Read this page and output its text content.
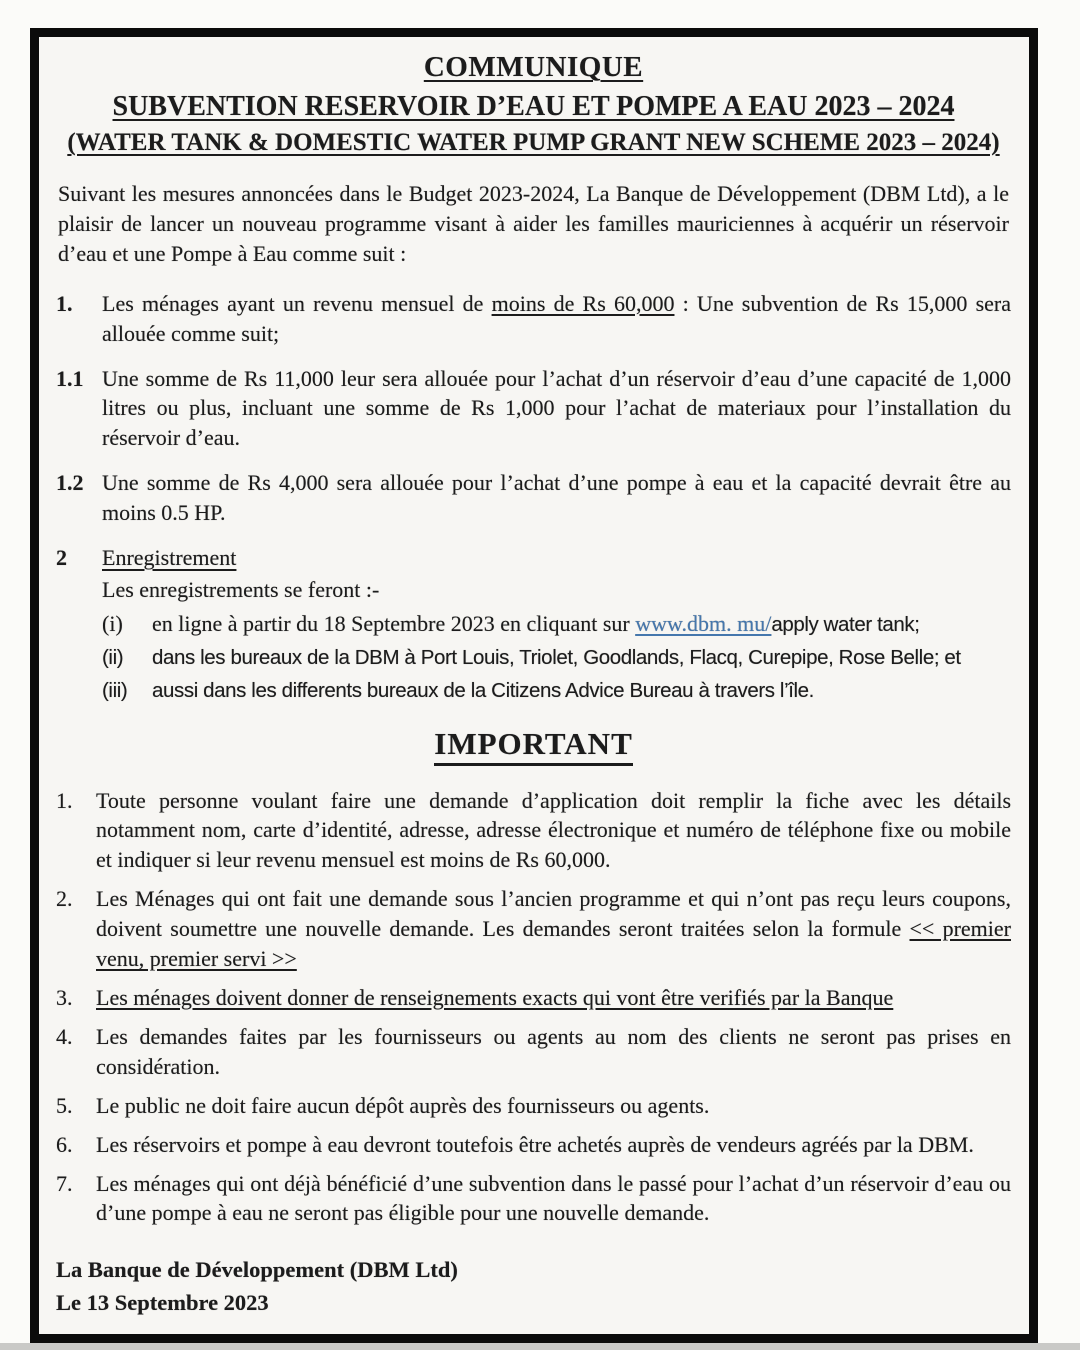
COMMUNIQUE
SUBVENTION RESERVOIR D’EAU ET POMPE A EAU 2023 – 2024
(WATER TANK & DOMESTIC WATER PUMP GRANT NEW SCHEME 2023 – 2024)

Suivant les mesures annoncées dans le Budget 2023-2024, La Banque de Développement (DBM Ltd), a le plaisir de lancer un nouveau programme visant à aider les familles mauriciennes à acquérir un réservoir d’eau et une Pompe à Eau comme suit :

1.	Les ménages ayant un revenu mensuel de moins de Rs 60,000 : Une subvention de Rs 15,000 sera allouée comme suit;
1.1 Une somme de Rs 11,000 leur sera allouée pour l’achat d’un réservoir d’eau d’une capacité de 1,000 litres ou plus, incluant une somme de Rs 1,000 pour l’achat de materiaux pour l’installation du réservoir d’eau.
1.2 Une somme de Rs 4,000 sera allouée pour l’achat d’une pompe à eau et la capacité devrait être au moins 0.5 HP.
2	Enregistrement
Les enregistrements se feront :-
(i)	en ligne à partir du 18 Septembre 2023 en cliquant sur www.dbm. mu/apply water tank;
(ii)	dans les bureaux de la DBM à Port Louis, Triolet, Goodlands, Flacq, Curepipe, Rose Belle; et
(iii)	aussi dans les differents bureaux de la Citizens Advice Bureau à travers l’île.
IMPORTANT
1.	Toute personne voulant faire une demande d’application doit remplir la fiche avec les détails notamment nom, carte d’identité, adresse, adresse électronique et numéro de téléphone fixe ou mobile et indiquer si leur revenu mensuel est moins de Rs 60,000.
2.	Les Ménages qui ont fait une demande sous l’ancien programme et qui n’ont pas reçu leurs coupons, doivent soumettre une nouvelle demande. Les demandes seront traitées selon la formule << premier venu, premier servi >>
3.	Les ménages doivent donner de renseignements exacts qui vont être verifiés par la Banque
4.	Les demandes faites par les fournisseurs ou agents au nom des clients ne seront pas prises en considération.
5.	Le public ne doit faire aucun dépôt auprès des fournisseurs ou agents.
6.	Les réservoirs et pompe à eau devront toutefois être achetés auprès de vendeurs agréés par la DBM.
7.	Les ménages qui ont déjà bénéficié d’une subvention dans le passé pour l’achat d’un réservoir d’eau ou d’une pompe à eau ne seront pas éligible pour une nouvelle demande.
La Banque de Développement (DBM Ltd)
Le 13 Septembre 2023
